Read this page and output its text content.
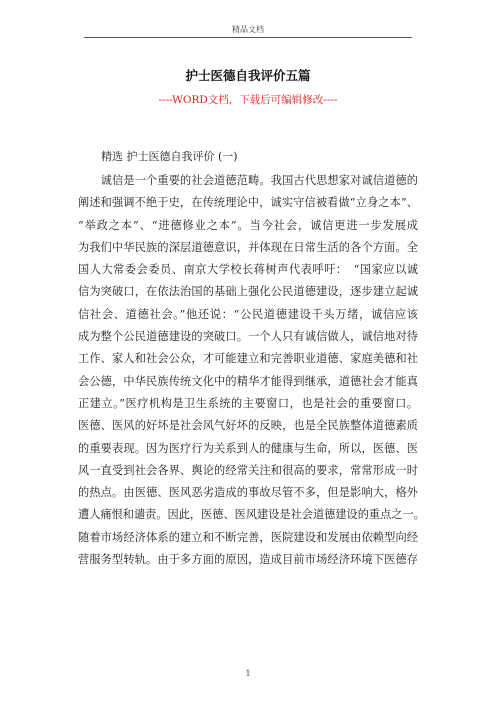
精品文档
护士医德自我评价五篇
----WORD文档，下载后可编辑修改----
精选 护士医德自我评价 (一)
　　诚信是一个重要的社会道德范畴。我国古代思想家对诚信道德的
阐述和强调不绝于史，在传统理论中，诚实守信被看做“立身之本”、
“举政之本”、“进德修业之本”。当今社会，诚信更进一步发展成
为我们中华民族的深层道德意识，并体现在日常生活的各个方面。全
国人大常委会委员、南京大学校长蒋树声代表呼吁：　“国家应以诚
信为突破口，在依法治国的基础上强化公民道德建设，逐步建立起诚
信社会、道德社会。”他还说：“公民道德建设千头万绪，诚信应该
成为整个公民道德建设的突破口。一个人只有诚信做人，诚信地对待
工作、家人和社会公众，才可能建立和完善职业道德、家庭美德和社
会公德，中华民族传统文化中的精华才能得到继承，道德社会才能真
正建立。”医疗机构是卫生系统的主要窗口，也是社会的重要窗口。
医德、医风的好坏是社会风气好坏的反映，也是全民族整体道德素质
的重要表现。因为医疗行为关系到人的健康与生命，所以，医德、医
风一直受到社会各界、舆论的经常关注和很高的要求，常常形成一时
的热点。由医德、医风恶劣造成的事故尽管不多，但是影响大，格外
遭人痛恨和谴责。因此，医德、医风建设是社会道德建设的重点之一。
随着市场经济体系的建立和不断完善，医院建设和发展由依赖型向经
营服务型转轨。由于多方面的原因，造成目前市场经济环境下医德存
1
